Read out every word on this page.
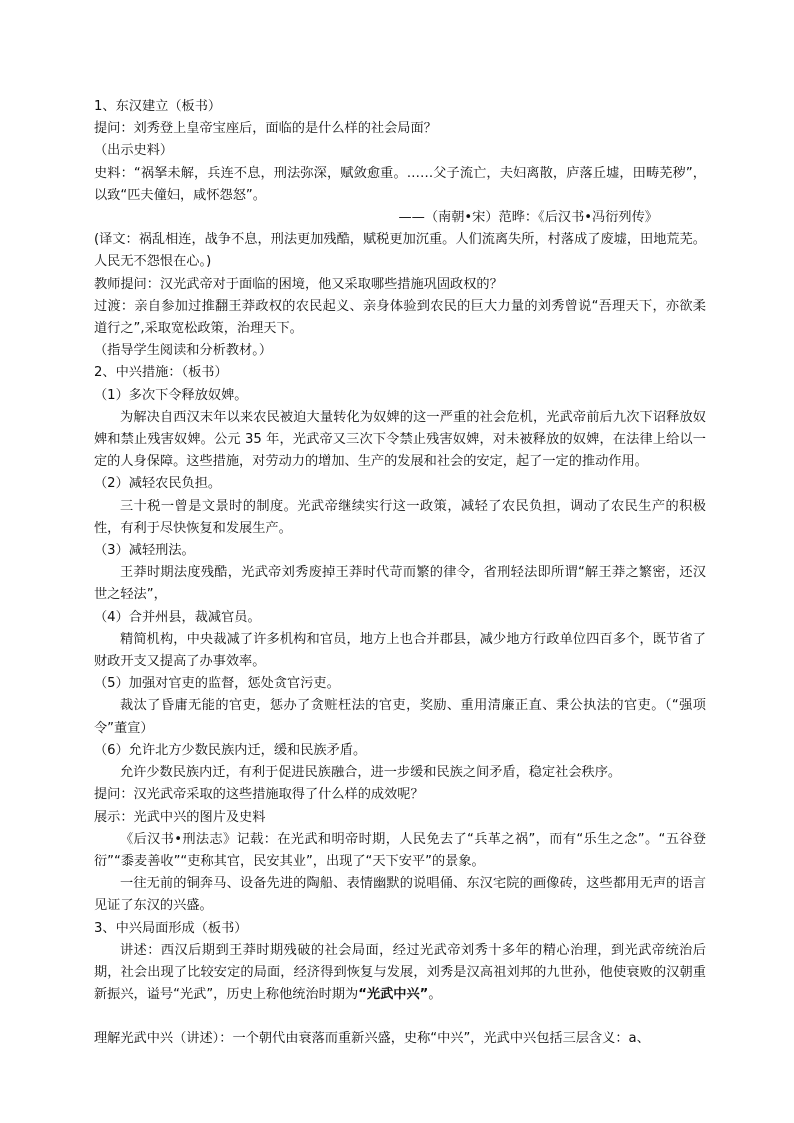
1、东汉建立（板书）

提问：刘秀登上皇帝宝座后，面临的是什么样的社会局面？

（出示史料）

史料：“祸拏未解，兵连不息，刑法弥深，赋敛愈重。……父子流亡，夫妇离散，庐落丘墟，田畴芜秽”，以致“匹夫僮妇，咸怀怨怒”。

——（南朝•宋）范晔：《后汉书•冯衍列传》

(译文：祸乱相连，战争不息，刑法更加残酷，赋税更加沉重。人们流离失所，村落成了废墟，田地荒芜。人民无不怨恨在心。)

教师提问：汉光武帝对于面临的困境，他又采取哪些措施巩固政权的？

过渡：亲自参加过推翻王莽政权的农民起义、亲身体验到农民的巨大力量的刘秀曾说“吾理天下，亦欲柔道行之”,采取宽松政策，治理天下。

（指导学生阅读和分析教材。）

2、中兴措施：（板书）

（1）多次下令释放奴婢。

为解决自西汉末年以来农民被迫大量转化为奴婢的这一严重的社会危机，光武帝前后九次下诏释放奴婢和禁止残害奴婢。公元 35 年，光武帝又三次下令禁止残害奴婢，对未被释放的奴婢，在法律上给以一定的人身保障。这些措施，对劳动力的增加、生产的发展和社会的安定，起了一定的推动作用。

（2）减轻农民负担。

三十税一曾是文景时的制度。光武帝继续实行这一政策，减轻了农民负担，调动了农民生产的积极性，有利于尽快恢复和发展生产。

（3）减轻刑法。

王莽时期法度残酷，光武帝刘秀废掉王莽时代苛而繁的律令，省刑轻法即所谓“解王莽之繁密，还汉世之轻法”，

（4）合并州县，裁减官员。

精简机构，中央裁减了许多机构和官员，地方上也合并郡县，减少地方行政单位四百多个，既节省了财政开支又提高了办事效率。

（5）加强对官吏的监督，惩处贪官污吏。

裁汰了昏庸无能的官吏，惩办了贪赃枉法的官吏，奖励、重用清廉正直、秉公执法的官吏。（“强项令”董宣）

（6）允许北方少数民族内迁，缓和民族矛盾。

允许少数民族内迁，有利于促进民族融合，进一步缓和民族之间矛盾，稳定社会秩序。

提问：汉光武帝采取的这些措施取得了什么样的成效呢？

展示：光武中兴的图片及史料

《后汉书•刑法志》记载：在光武和明帝时期，人民免去了“兵革之祸”，而有“乐生之念”。“五谷登衍”“黍麦善收”“吏称其官，民安其业”，出现了“天下安平”的景象。

一往无前的铜奔马、设备先进的陶船、表情幽默的说唱俑、东汉宅院的画像砖，这些都用无声的语言见证了东汉的兴盛。

3、中兴局面形成（板书）

讲述：西汉后期到王莽时期残破的社会局面，经过光武帝刘秀十多年的精心治理，到光武帝统治后期，社会出现了比较安定的局面，经济得到恢复与发展，刘秀是汉高祖刘邦的九世孙，他使衰败的汉朝重新振兴，谥号“光武”，历史上称他统治时期为“光武中兴”。

理解光武中兴（讲述）：一个朝代由衰落而重新兴盛，史称“中兴”，光武中兴包括三层含义：a、
